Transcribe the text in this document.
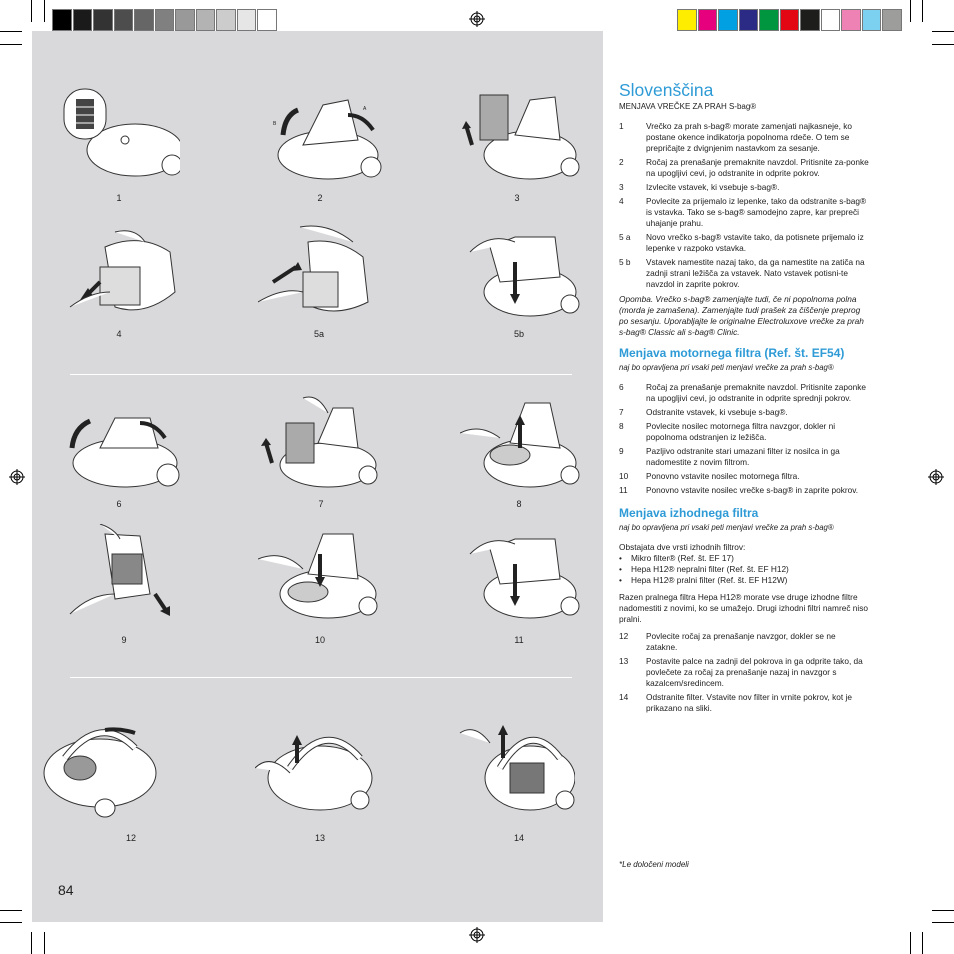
B
A
1	2	3
4	5a	5b
6	7	8
9	10	11
12	13	14
84
Slovenščina
MENJAVA VREČKE ZA PRAH S-bag®
1	Vrečko za prah s-bag® morate zamenjati najkasneje, ko postane okence indikatorja popolnoma rdeče. O tem se prepričajte z dvignjenim nastavkom za sesanje.
2	Ročaj za prenašanje premaknite navzdol. Pritisnite za-ponke na upogljivi cevi, jo odstranite in odprite pokrov.
3	Izvlecite vstavek, ki vsebuje s-bag®.
4	Povlecite za prijemalo iz lepenke, tako da odstranite s-bag® is vstavka. Tako se s-bag® samodejno zapre, kar prepreči uhajanje prahu.
5 a	Novo vrečko s-bag® vstavite tako, da potisnete prijemalo iz lepenke v razpoko vstavka.
5 b	Vstavek namestite nazaj tako, da ga namestite na zatiča na zadnji strani ležišča za vstavek. Nato vstavek potisni-te navzdol in zaprite pokrov.
Opomba. Vrečko s-bag® zamenjajte tudi, če ni popolnoma polna (morda je zamašena). Zamenjajte tudi prašek za čiščenje preprog po sesanju. Uporabljajte le originalne Electroluxove vrečke za prah s-bag® Classic ali s-bag® Clinic.
Menjava motornega filtra (Ref. št. EF54)
naj bo opravljena pri vsaki peti menjavi vrečke za prah s-bag®
6	Ročaj za prenašanje premaknite navzdol. Pritisnite zaponke na upogljivi cevi, jo odstranite in odprite sprednji pokrov.
7	Odstranite vstavek, ki vsebuje s-bag®.
8	Povlecite nosilec motornega filtra navzgor, dokler ni popolnoma odstranjen iz ležišča.
9	Pazljivo odstranite stari umazani filter iz nosilca in ga nadomestite z novim filtrom.
10	Ponovno vstavite nosilec motornega filtra.
11	Ponovno vstavite nosilec vrečke s-bag® in zaprite pokrov.
Menjava izhodnega filtra
naj bo opravljena pri vsaki peti menjavi vrečke za prah s-bag®
Obstajata dve vrsti izhodnih filtrov:
•	Mikro filter® (Ref. št. EF 17)
•	Hepa H12® nepralni filter (Ref. št. EF H12)
•	Hepa H12® pralni filter (Ref. št. EF H12W)
Razen pralnega filtra Hepa H12® morate vse druge izhodne filtre nadomestiti z novimi, ko se umažejo. Drugi izhodni filtri namreč niso pralni.
12	Povlecite ročaj za prenašanje navzgor, dokler se ne zatakne.
13	Postavite palce na zadnji del pokrova in ga odprite tako, da povlečete za ročaj za prenašanje nazaj in navzgor s kazalcem/sredincem.
14	Odstranite filter. Vstavite nov filter in vrnite pokrov, kot je prikazano na sliki.
*Le določeni modeli
